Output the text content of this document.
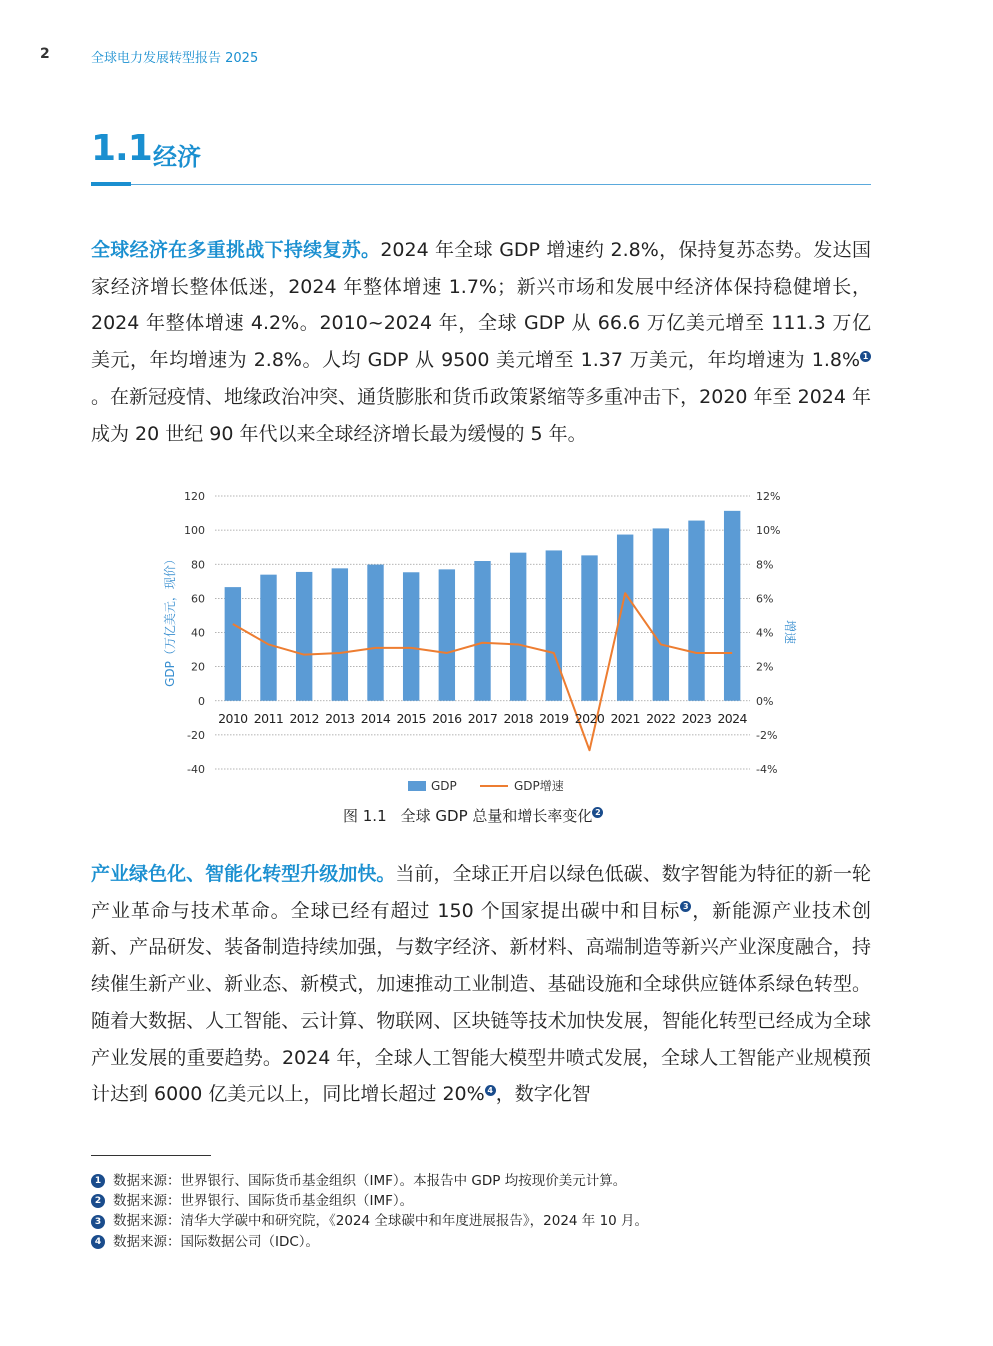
2	全球电力发展转型报告 2025
1.1 经济

全球经济在多重挑战下持续复苏。2024 年全球 GDP 增速约 2.8%，保持复苏态势。发达国家经济增长整体低迷，2024 年整体增速 1.7%；新兴市场和发展中经济体保持稳健增长，2024 年整体增速 4.2%。2010~2024 年，全球 GDP 从 66.6 万亿美元增至 111.3 万亿美元，年均增速为 2.8%。人均 GDP 从 9500 美元增至 1.37 万美元，年均增速为 1.8% $^1$。在新冠疫情、地缘政治冲突、通货膨胀和货币政策紧缩等多重冲击下，2020 年至 2024 年成为 20 世纪 90 年代以来全球经济增长最为缓慢的 5 年。

120
100
80
60
40
20
0
-20
-40
12%
10%
8%
6%
4%
2%
0%
-2%
-4%
2010 2011 2012 2013 2014 2015 2016 2017 2018 2019 2020 2021 2022 2023 2024
GDP（万亿美元，现价）	增速
GDP	GDP增速
图 1.1 全球 GDP 总量和增长率变化 $^2$

产业绿色化、智能化转型升级加快。当前，全球正开启以绿色低碳、数字智能为特征的新一轮产业革命与技术革命。全球已经有超过 150 个国家提出碳中和目标 $^3$ ，新能源产业技术创新、产品研发、装备制造持续加强，与数字经济、新材料、高端制造等新兴产业深度融合，持续催生新产业、新业态、新模式，加速推动工业制造、基础设施和全球供应链体系绿色转型。随着大数据、人工智能、云计算、物联网、区块链等技术加快发展，智能化转型已经成为全球产业发展的重要趋势。2024 年，全球人工智能大模型井喷式发展，全球人工智能产业规模预计达到 6000 亿美元以上，同比增长超过 20% $^4$ ，数字化智

1 数据来源：世界银行、国际货币基金组织（IMF）。本报告中 GDP 均按现价美元计算。
2 数据来源：世界银行、国际货币基金组织（IMF）。
3 数据来源：清华大学碳中和研究院，《2024 全球碳中和年度进展报告》，2024 年 10 月。
4 数据来源：国际数据公司（IDC）。
